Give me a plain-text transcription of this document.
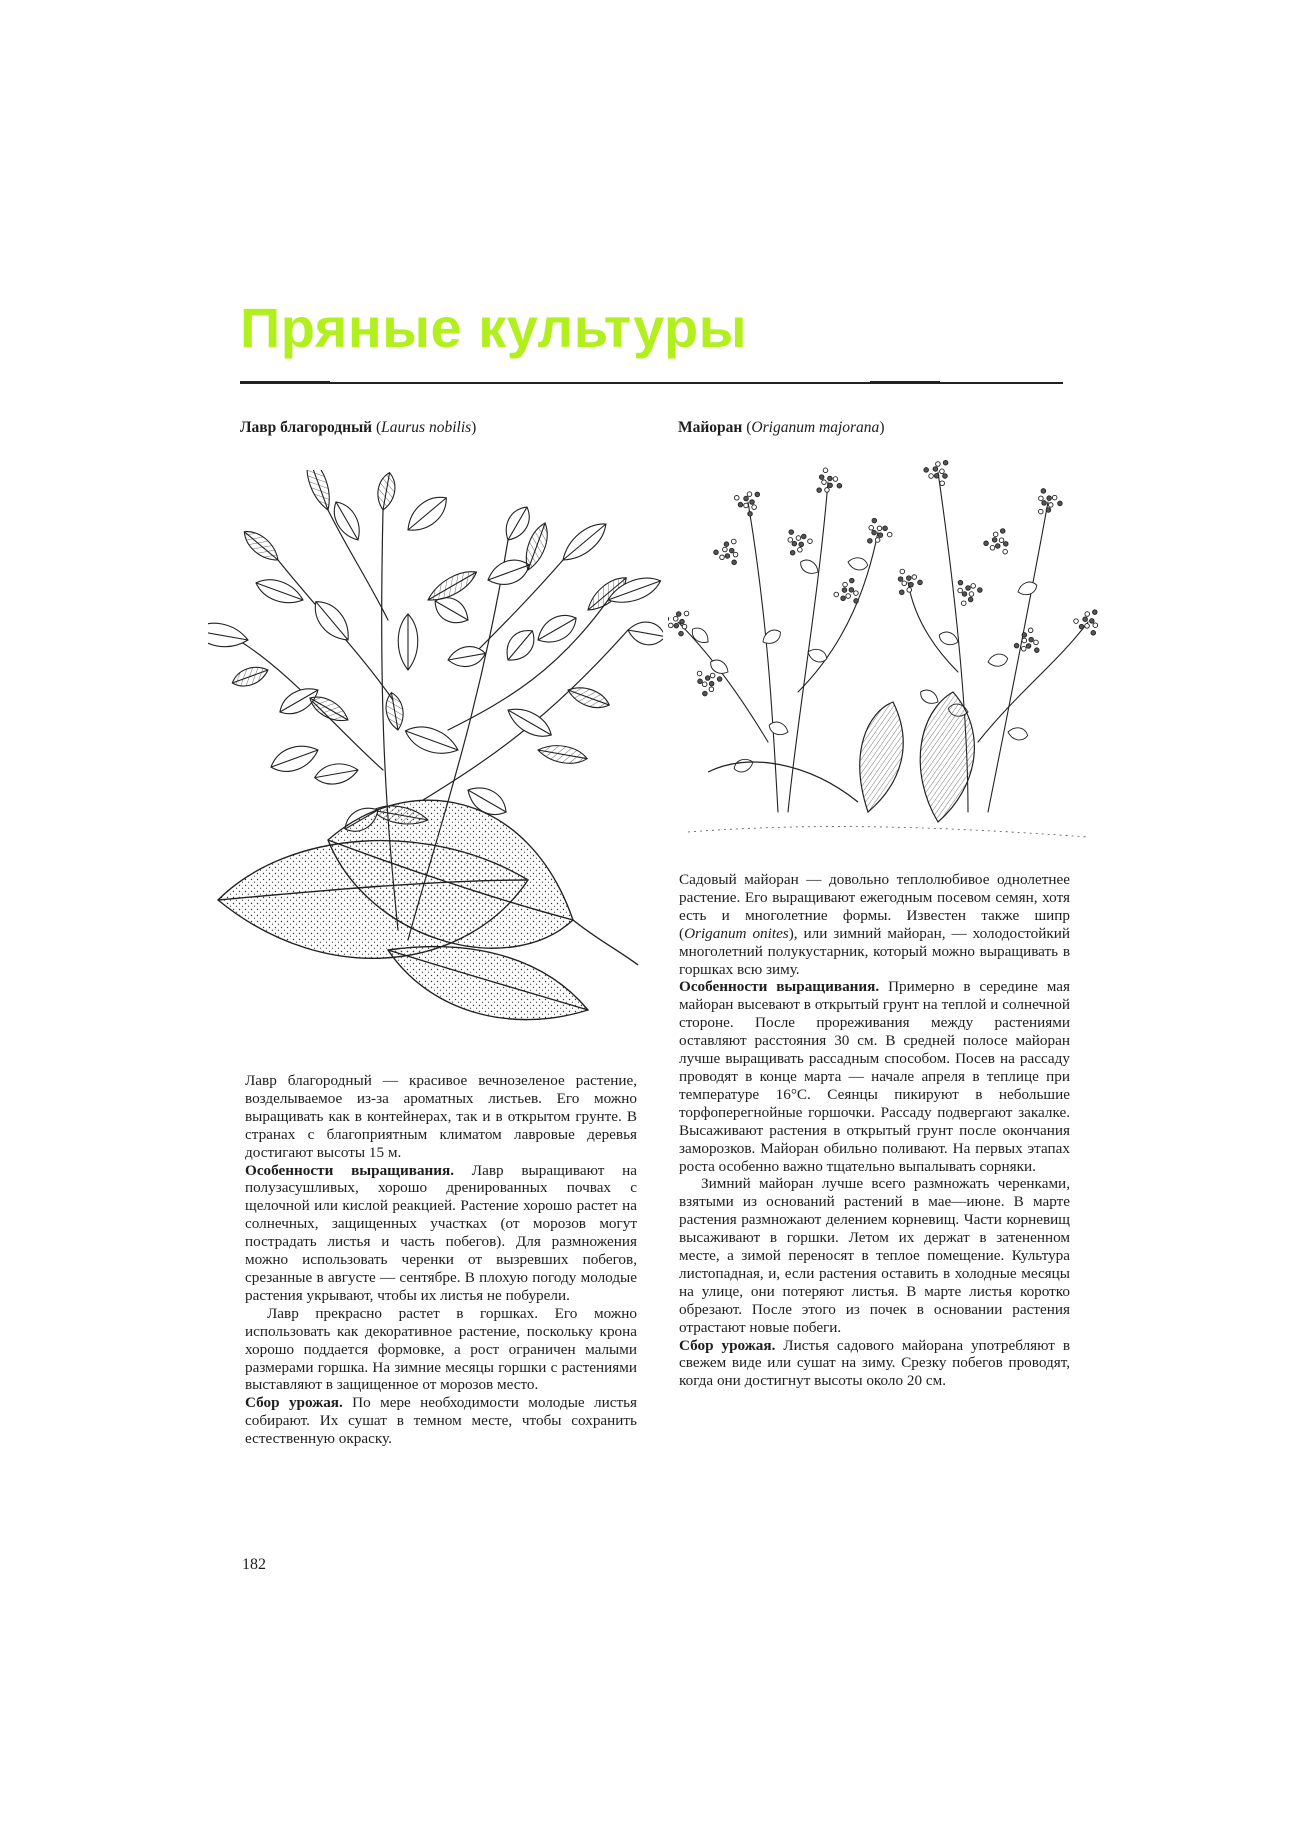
Пряные культуры
Лавр благородный (Laurus nobilis)	Майоран (Origanum majorana)

Лавр благородный — красивое вечнозеленое растение, возделываемое из-за ароматных листьев. Его можно выращивать как в контейнерах, так и в открытом грунте. В странах с благоприятным климатом лавровые деревья достигают высоты 15 м.

Особенности выращивания. Лавр выращивают на полузасушливых, хорошо дренированных почвах с щелочной или кислой реакцией. Растение хорошо растет на солнечных, защищенных участках (от морозов могут пострадать листья и часть побегов). Для размножения можно использовать черенки от вызревших побегов, срезанные в августе — сентябре. В плохую погоду молодые растения укрывают, чтобы их листья не побурели.

Лавр прекрасно растет в горшках. Его можно использовать как декоративное растение, поскольку крона хорошо поддается формовке, а рост ограничен малыми размерами горшка. На зимние месяцы горшки с растениями выставляют в защищенное от морозов место.

Сбор урожая. По мере необходимости молодые листья собирают. Их сушат в темном месте, чтобы сохранить естественную окраску.

Садовый майоран — довольно теплолюбивое однолетнее растение. Его выращивают ежегодным посевом семян, хотя есть и многолетние формы. Известен также шипр (Origanum onites), или зимний майоран, — холодостойкий многолетний полукустарник, который можно выращивать в горшках всю зиму.

Особенности выращивания. Примерно в середине мая майоран высевают в открытый грунт на теплой и солнечной стороне. После прореживания между растениями оставляют расстояния 30 см. В средней полосе майоран лучше выращивать рассадным способом. Посев на рассаду проводят в конце марта — начале апреля в теплице при температуре 16°С. Сеянцы пикируют в небольшие торфоперегнойные горшочки. Рассаду подвергают закалке. Высаживают растения в открытый грунт после окончания заморозков. Майоран обильно поливают. На первых этапах роста особенно важно тщательно выпалывать сорняки.

Зимний майоран лучше всего размножать черенками, взятыми из оснований растений в мае—июне. В марте растения размножают делением корневищ. Части корневищ высаживают в горшки. Летом их держат в затененном месте, а зимой переносят в теплое помещение. Культура листопадная, и, если растения оставить в холодные месяцы на улице, они потеряют листья. В марте листья коротко обрезают. После этого из почек в основании растения отрастают новые побеги.

Сбор урожая. Листья садового майорана употребляют в свежем виде или сушат на зиму. Срезку побегов проводят, когда они достигнут высоты около 20 см.

182
